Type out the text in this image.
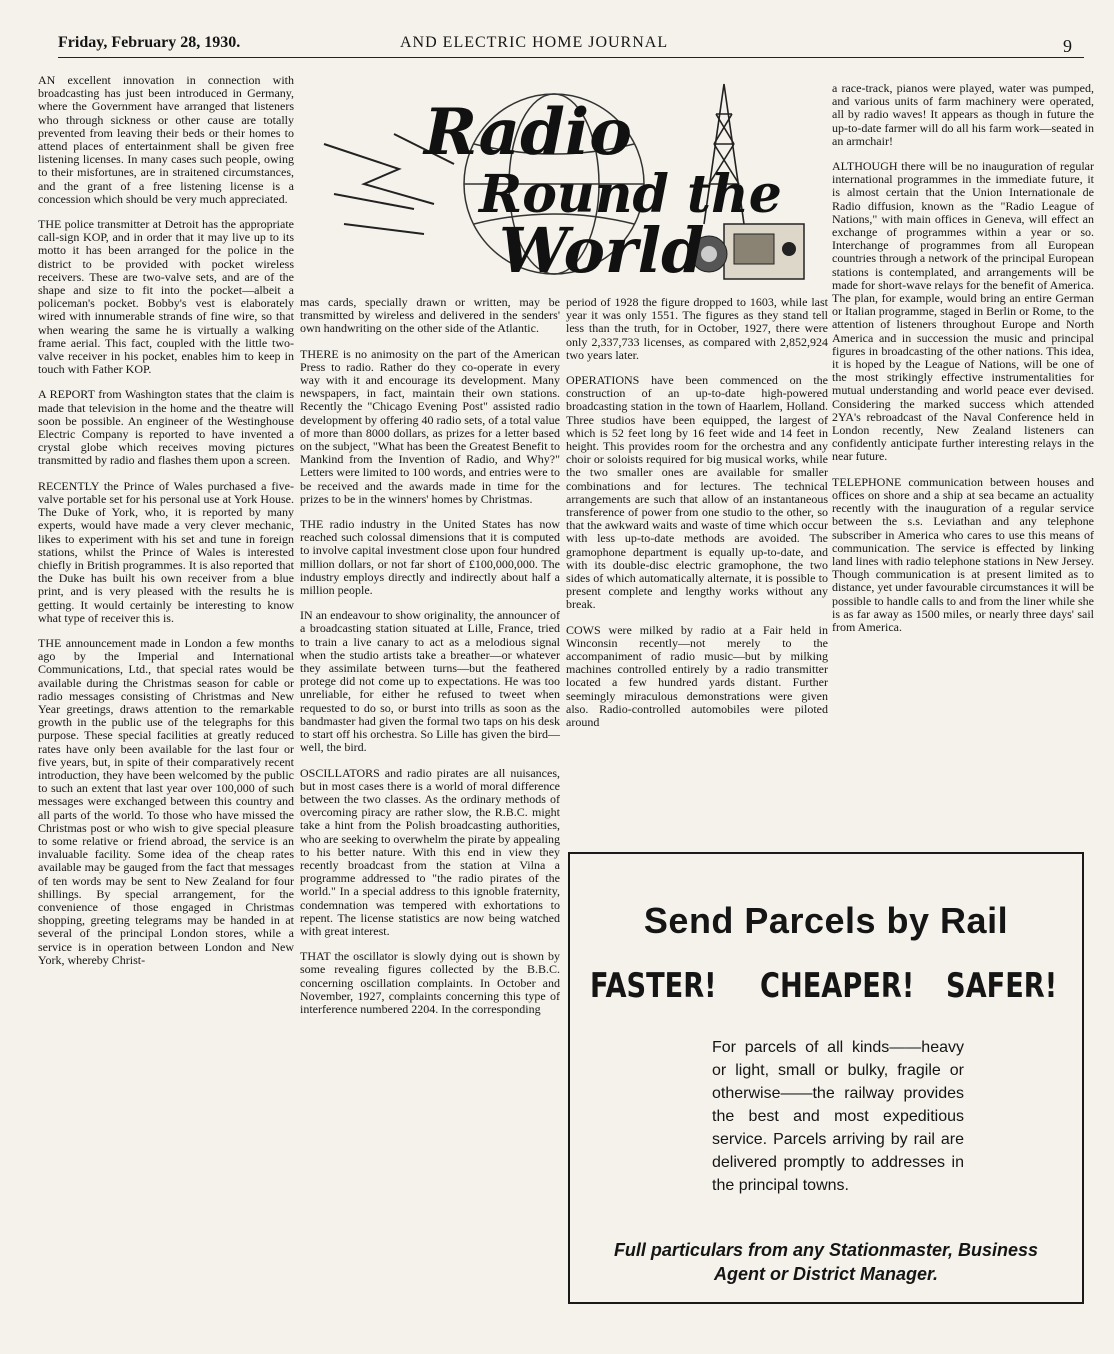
Friday, February 28, 1930.	AND ELECTRIC HOME JOURNAL	9
Radio
Round the
World

AN excellent innovation in connection with broadcasting has just been introduced in Germany, where the Government have arranged that listeners who through sickness or other cause are totally prevented from leaving their beds or their homes to attend places of entertainment shall be given free listening licenses. In many cases such people, owing to their misfortunes, are in straitened circumstances, and the grant of a free listening license is a concession which should be very much appreciated.

THE police transmitter at Detroit has the appropriate call-sign KOP, and in order that it may live up to its motto it has been arranged for the police in the district to be provided with pocket wireless receivers. These are two-valve sets, and are of the shape and size to fit into the pocket—albeit a policeman's pocket. Bobby's vest is elaborately wired with innumerable strands of fine wire, so that when wearing the same he is virtually a walking frame aerial. This fact, coupled with the little two-valve receiver in his pocket, enables him to keep in touch with Father KOP.

A REPORT from Washington states that the claim is made that television in the home and the theatre will soon be possible. An engineer of the Westinghouse Electric Company is reported to have invented a crystal globe which receives moving pictures transmitted by radio and flashes them upon a screen.

RECENTLY the Prince of Wales purchased a five-valve portable set for his personal use at York House. The Duke of York, who, it is reported by many experts, would have made a very clever mechanic, likes to experiment with his set and tune in foreign stations, whilst the Prince of Wales is interested chiefly in British programmes. It is also reported that the Duke has built his own receiver from a blue print, and is very pleased with the results he is getting. It would certainly be interesting to know what type of receiver this is.

THE announcement made in London a few months ago by the Imperial and International Communications, Ltd., that special rates would be available during the Christmas season for cable or radio messages consisting of Christmas and New Year greetings, draws attention to the remarkable growth in the public use of the telegraphs for this purpose. These special facilities at greatly reduced rates have only been available for the last four or five years, but, in spite of their comparatively recent introduction, they have been welcomed by the public to such an extent that last year over 100,000 of such messages were exchanged between this country and all parts of the world. To those who have missed the Christmas post or who wish to give special pleasure to some relative or friend abroad, the service is an invaluable facility. Some idea of the cheap rates available may be gauged from the fact that messages of ten words may be sent to New Zealand for four shillings. By special arrangement, for the convenience of those engaged in Christmas shopping, greeting telegrams may be handed in at several of the principal London stores, while a service is in operation between London and New York, whereby Christ-

mas cards, specially drawn or written, may be transmitted by wireless and delivered in the senders' own handwriting on the other side of the Atlantic.

THERE is no animosity on the part of the American Press to radio. Rather do they co-operate in every way with it and encourage its development. Many newspapers, in fact, maintain their own stations. Recently the "Chicago Evening Post" assisted radio development by offering 40 radio sets, of a total value of more than 8000 dollars, as prizes for a letter based on the subject, "What has been the Greatest Benefit to Mankind from the Invention of Radio, and Why?" Letters were limited to 100 words, and entries were to be received and the awards made in time for the prizes to be in the winners' homes by Christmas.

THE radio industry in the United States has now reached such colossal dimensions that it is computed to involve capital investment close upon four hundred million dollars, or not far short of £100,000,000. The industry employs directly and indirectly about half a million people.

IN an endeavour to show originality, the announcer of a broadcasting station situated at Lille, France, tried to train a live canary to act as a melodious signal when the studio artists take a breather—or whatever they assimilate between turns—but the feathered protege did not come up to expectations. He was too unreliable, for either he refused to tweet when requested to do so, or burst into trills as soon as the bandmaster had given the formal two taps on his desk to start off his orchestra. So Lille has given the bird—well, the bird.

OSCILLATORS and radio pirates are all nuisances, but in most cases there is a world of moral difference between the two classes. As the ordinary methods of overcoming piracy are rather slow, the R.B.C. might take a hint from the Polish broadcasting authorities, who are seeking to overwhelm the pirate by appealing to his better nature. With this end in view they recently broadcast from the station at Vilna a programme addressed to "the radio pirates of the world." In a special address to this ignoble fraternity, condemnation was tempered with exhortations to repent. The license statistics are now being watched with great interest.

THAT the oscillator is slowly dying out is shown by some revealing figures collected by the B.B.C. concerning oscillation complaints. In October and November, 1927, complaints concerning this type of interference numbered 2204. In the corresponding

period of 1928 the figure dropped to 1603, while last year it was only 1551. The figures as they stand tell less than the truth, for in October, 1927, there were only 2,337,733 licenses, as compared with 2,852,924 two years later.

OPERATIONS have been commenced on the construction of an up-to-date high-powered broadcasting station in the town of Haarlem, Holland. Three studios have been equipped, the largest of which is 52 feet long by 16 feet wide and 14 feet in height. This provides room for the orchestra and any choir or soloists required for big musical works, while the two smaller ones are available for smaller combinations and for lectures. The technical arrangements are such that allow of an instantaneous transference of power from one studio to the other, so that the awkward waits and waste of time which occur with less up-to-date methods are avoided. The gramophone department is equally up-to-date, and with its double-disc electric gramophone, the two sides of which automatically alternate, it is possible to present complete and lengthy works without any break.

COWS were milked by radio at a Fair held in Winconsin recently—not merely to the accompaniment of radio music—but by milking machines controlled entirely by a radio transmitter located a few hundred yards distant. Further seemingly miraculous demonstrations were given also. Radio-controlled automobiles were piloted around

a race-track, pianos were played, water was pumped, and various units of farm machinery were operated, all by radio waves! It appears as though in future the up-to-date farmer will do all his farm work—seated in an armchair!

ALTHOUGH there will be no inauguration of regular international programmes in the immediate future, it is almost certain that the Union Internationale de Radio diffusion, known as the "Radio League of Nations," with main offices in Geneva, will effect an exchange of programmes within a year or so. Interchange of programmes from all European countries through a network of the principal European stations is contemplated, and arrangements will be made for short-wave relays for the benefit of America. The plan, for example, would bring an entire German or Italian programme, staged in Berlin or Rome, to the attention of listeners throughout Europe and North America and in succession the music and principal figures in broadcasting of the other nations. This idea, it is hoped by the League of Nations, will be one of the most strikingly effective instrumentalities for mutual understanding and world peace ever devised. Considering the marked success which attended 2YA's rebroadcast of the Naval Conference held in London recently, New Zealand listeners can confidently anticipate further interesting relays in the near future.

TELEPHONE communication between houses and offices on shore and a ship at sea became an actuality recently with the inauguration of a regular service between the s.s. Leviathan and any telephone subscriber in America who cares to use this means of communication. The service is effected by linking land lines with radio telephone stations in New Jersey. Though communication is at present limited as to distance, yet under favourable circumstances it will be possible to handle calls to and from the liner while she is as far away as 1500 miles, or nearly three days' sail from America.

Send Parcels by Rail
FASTER! CHEAPER! SAFER!
For parcels of all kinds——heavy or light, small or bulky, fragile or otherwise——the railway provides the best and most expeditious service. Parcels arriving by rail are delivered promptly to addresses in the principal towns.
Full particulars from any Stationmaster, Business
Agent or District Manager.
